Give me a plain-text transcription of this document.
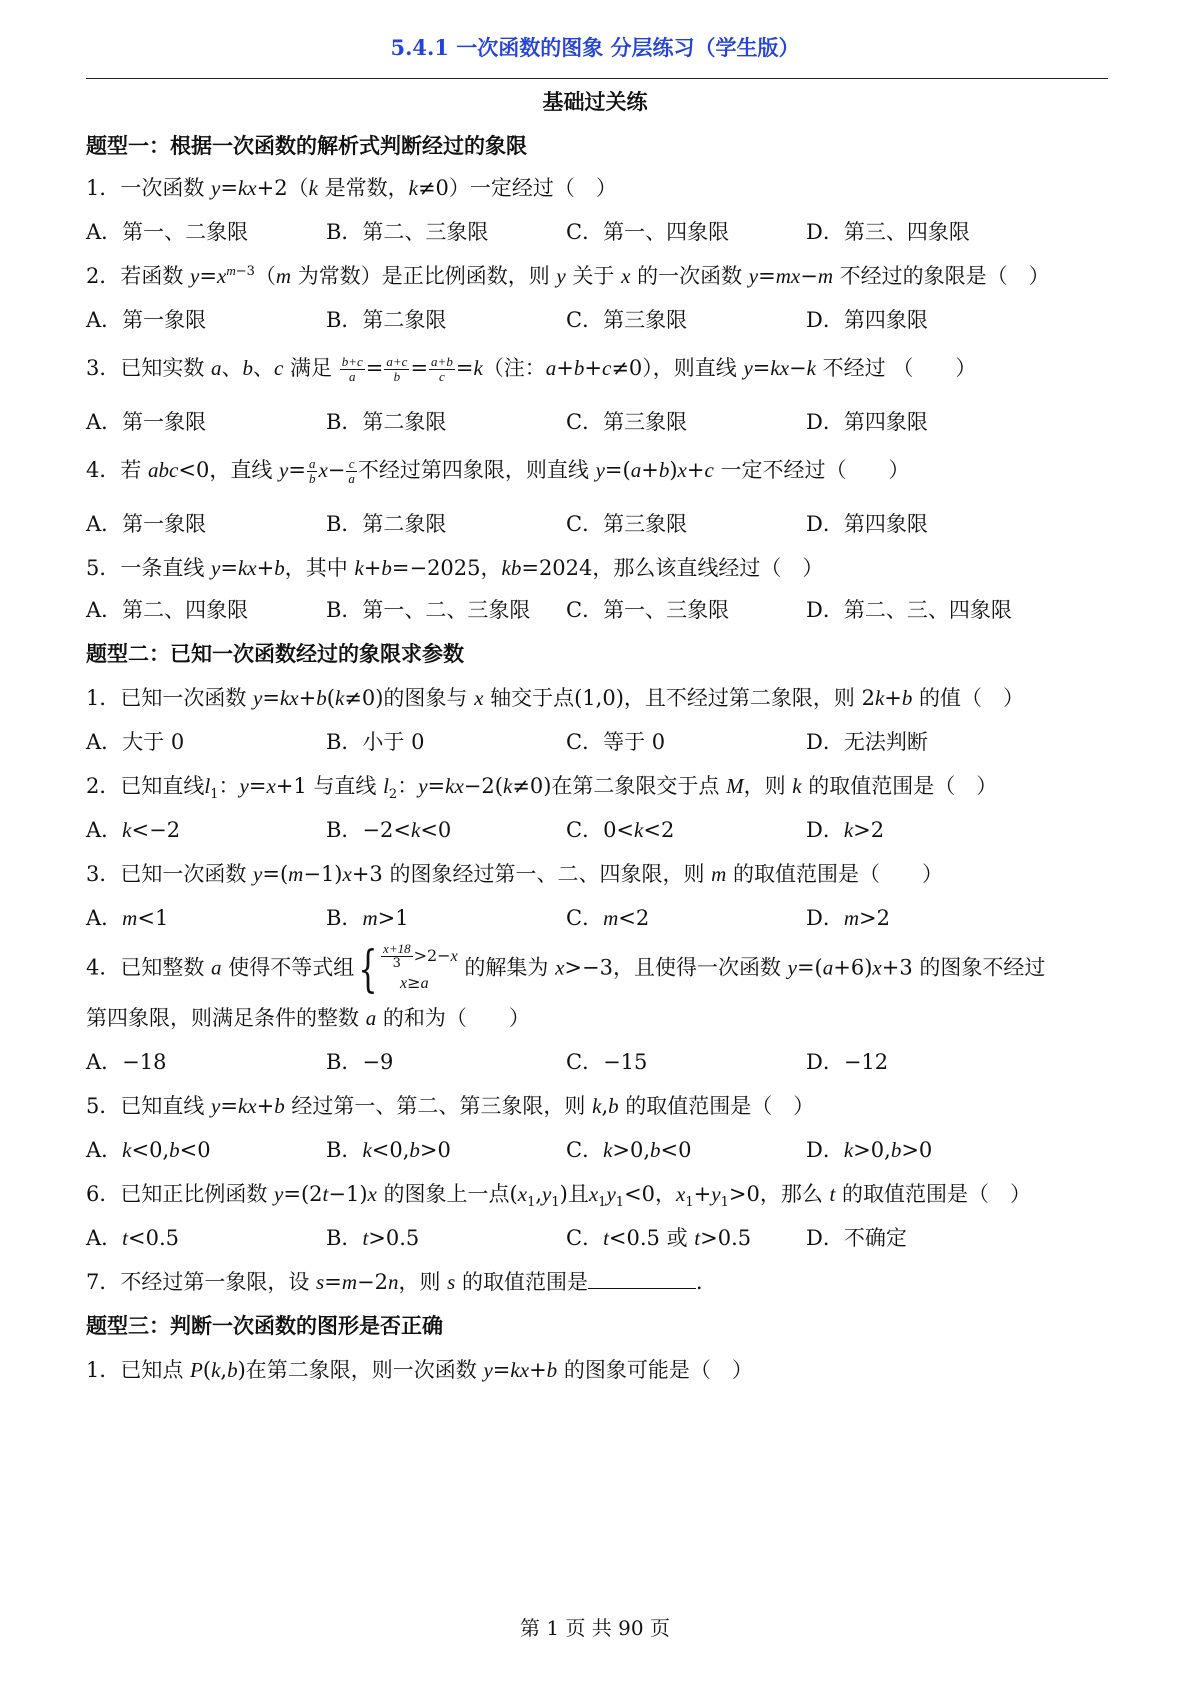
5.4.1 一次函数的图象 分层练习（学生版）
基础过关练
题型一：根据一次函数的解析式判断经过的象限
1．一次函数 y=kx+2（k 是常数，k≠0）一定经过（　）
A．第一、二象限	B．第二、三象限	C．第一、四象限	D．第三、四象限
2．若函数 $y=x^{m-3}(m$ 为常数）是正比例函数，则 y 关于 x 的一次函数 y=mx−m 不经过的象限是（　）
A．第一象限	B．第二象限	C．第三象限	D．第四象限
3．已知实数 a、b、c 满足 $\frac{b+c}{a} = \frac{a+c}{b} = \frac{a+b}{c} =k$（注：a+b+c≠0），则直线 y=kx−k 不经过 （　　）
A．第一象限	B．第二象限	C．第三象限	D．第四象限
4．若 abc<0，直线 $y= \frac{a}{b} x- \frac{c}{a}$ 不经过第四象限，则直线 y=(a+b)x+c 一定不经过（　　）
A．第一象限	B．第二象限	C．第三象限	D．第四象限
5．一条直线 y=kx+b，其中 k+b=−2025，kb=2024，那么该直线经过（　）
A．第二、四象限	B．第一、二、三象限 C．第一、三象限	D．第二、三、四象限
题型二：已知一次函数经过的象限求参数
1．已知一次函数 y=kx+b(k≠0)的图象与 x 轴交于点(1,0)，且不经过第二象限，则 2k+b 的值（　）
A．大于 0	B．小于 0	C．等于 0	D．无法判断
2．已知直线$l_1$：y=x+1 与直线 $l_2$：y=kx−2(k≠0)在第二象限交于点 M，则 k 的取值范围是（　）
A．k<−2	B．−2<k<0	C．0<k<2	D．k>2
3．已知一次函数 y=(m−1)x+3 的图象经过第一、二、四象限，则 m 的取值范围是（　　）
A．m<1	B．m>1	C．m<2	D．m>2
4．已知整数 a 使得不等式组{ $\frac{x+18}{3} >2-x$
x≥a
的解集为 x>−3，且使得一次函数 y=(a+6)x+3 的图象不经过
第四象限，则满足条件的整数 a 的和为（　　）
A．−18	B．−9	C．−15	D．−12
5．已知直线 y=kx+b 经过第一、第二、第三象限，则 k,b 的取值范围是（　）
A．k<0,b<0	B．k<0,b>0	C．k>0,b<0	D．k>0,b>0
6．已知正比例函数 y=(2t−1)x 的图象上一点$(x_1,y_1)$且$x_1y_1<0$，$x_1+y_1>0$，那么 t 的取值范围是（　）
A．t<0.5	B．t>0.5	C．t<0.5 或 t>0.5	D．不确定
7．不经过第一象限，设 s=m−2n，则 s 的取值范围是	．
题型三：判断一次函数的图形是否正确
1．已知点 P(k,b)在第二象限，则一次函数 y=kx+b 的图象可能是（　）
第 1 页 共 90 页
